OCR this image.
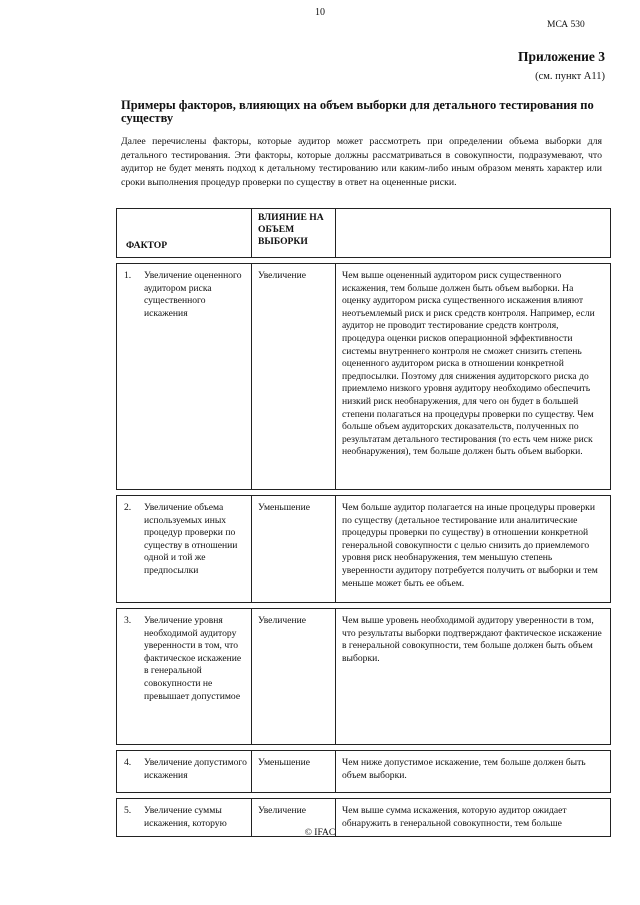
10
МСА 530
Приложение 3
(см. пункт А11)
Примеры факторов, влияющих на объем выборки для детального тестирования по существу
Далее перечислены факторы, которые аудитор может рассмотреть при определении объема выборки для детального тестирования. Эти факторы, которые должны рассматриваться в совокупности, подразумевают, что аудитор не будет менять подход к детальному тестированию или каким-либо иным образом менять характер или сроки выполнения процедур проверки по существу в ответ на оцененные риски.
ФАКТОР	ВЛИЯНИЕ НА ОБЪЕМ ВЫБОРКИ	

1. Увеличение оцененного аудитором риска существенного искажения	Увеличение	Чем выше оцененный аудитором риск существенного искажения, тем больше должен быть объем выборки. На оценку аудитором риска существенного искажения влияют неотъемлемый риск и риск средств контроля. Например, если аудитор не проводит тестирование средств контроля, процедура оценки рисков операционной эффективности системы внутреннего контроля не сможет снизить степень оцененного аудитором риска в отношении конкретной предпосылки. Поэтому для снижения аудиторского риска до приемлемо низкого уровня аудитору необходимо обеспечить низкий риск необнаружения, для чего он будет в большей степени полагаться на процедуры проверки по существу. Чем больше объем аудиторских доказательств, полученных по результатам детального тестирования (то есть чем ниже риск необнаружения), тем больше должен быть объем выборки.

2. Увеличение объема используемых иных процедур проверки по существу в отношении одной и той же предпосылки	Уменьшение	Чем больше аудитор полагается на иные процедуры проверки по существу (детальное тестирование или аналитические процедуры проверки по существу) в отношении конкретной генеральной совокупности с целью снизить до приемлемого уровня риск необнаружения, тем меньшую степень уверенности аудитору потребуется получить от выборки и тем меньше может быть ее объем.

3. Увеличение уровня необходимой аудитору уверенности в том, что фактическое искажение в генеральной совокупности не превышает допустимое	Увеличение	Чем выше уровень необходимой аудитору уверенности в том, что результаты выборки подтверждают фактическое искажение в генеральной совокупности, тем больше должен быть объем выборки.

4. Увеличение допустимого искажения	Уменьшение	Чем ниже допустимое искажение, тем больше должен быть объем выборки.

5. Увеличение суммы искажения, которую	Увеличение	Чем выше сумма искажения, которую аудитор ожидает обнаружить в генеральной совокупности, тем больше
© IFAC
